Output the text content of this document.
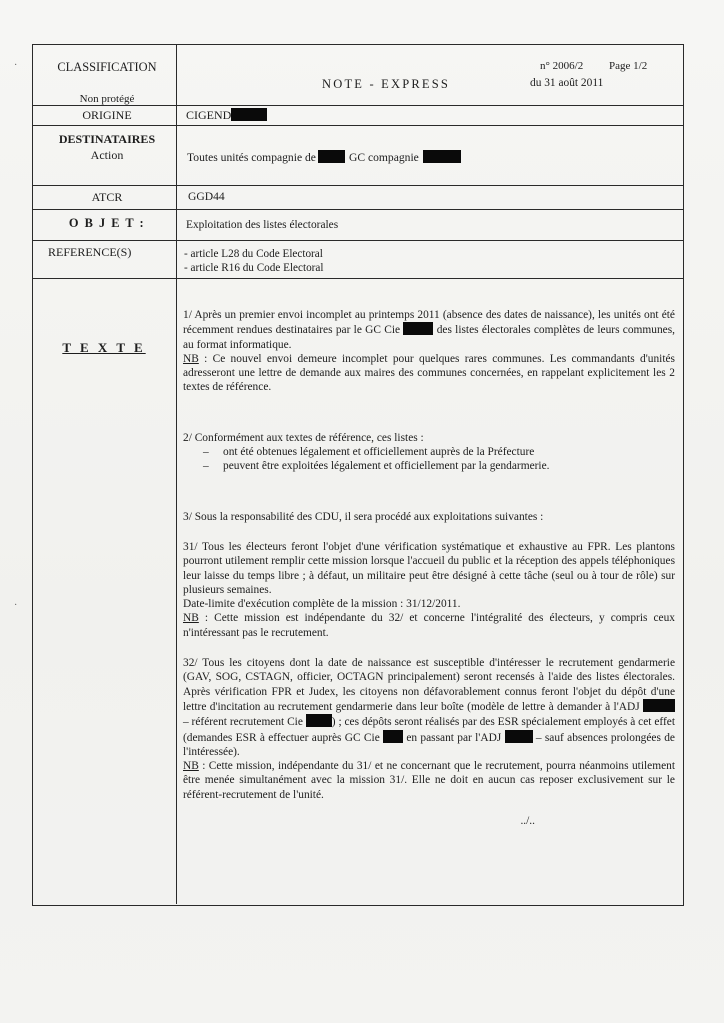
CLASSIFICATION
Non protégé
NOTE - EXPRESS
n° 2006/2 Page 1/2
du 31 août 2011
ORIGINE	CIGEND
DESTINATAIRES
Action	Toutes unités compagnie de	GC compagnie
ATCR	GGD44
O B J E T :	Exploitation des listes électorales
REFERENCE(S)	- article L28 du Code Electoral
- article R16 du Code Electoral
T E X T E

1/ Après un premier envoi incomplet au printemps 2011 (absence des dates de naissance), les unités ont été récemment rendues destinataires par le GC Cie	des listes électorales complètes de leurs communes, au format informatique.

NB : Ce nouvel envoi demeure incomplet pour quelques rares communes. Les commandants d'unités adresseront une lettre de demande aux maires des communes concernées, en rappelant explicitement les 2 textes de référence.

2/ Conformément aux textes de référence, ces listes :

– ont été obtenues légalement et officiellement auprès de la Préfecture
– peuvent être exploitées légalement et officiellement par la gendarmerie.

3/ Sous la responsabilité des CDU, il sera procédé aux exploitations suivantes :

31/ Tous les électeurs feront l'objet d'une vérification systématique et exhaustive au FPR. Les plantons pourront utilement remplir cette mission lorsque l'accueil du public et la réception des appels téléphoniques leur laisse du temps libre ; à défaut, un militaire peut être désigné à cette tâche (seul ou à tour de rôle) sur plusieurs semaines.

Date-limite d'exécution complète de la mission : 31/12/2011.

NB : Cette mission est indépendante du 32/ et concerne l'intégralité des électeurs, y compris ceux n'intéressant pas le recrutement.

32/ Tous les citoyens dont la date de naissance est susceptible d'intéresser le recrutement gendarmerie (GAV, SOG, CSTAGN, officier, OCTAGN principalement) seront recensés à l'aide des listes électorales. Après vérification FPR et Judex, les citoyens non défavorablement connus feront l'objet du dépôt d'une lettre d'incitation au recrutement gendarmerie dans leur boîte (modèle de lettre à demander à l'ADJ  – référent recrutement Cie	) ; ces dépôts seront réalisés par des ESR spécialement employés à cet effet (demandes ESR à effectuer auprès GC Cie en passant par l'ADJ	– sauf absences prolongées de l'intéressée).

NB : Cette mission, indépendante du 31/ et ne concernant que le recrutement, pourra néanmoins utilement être menée simultanément avec la mission 31/. Elle ne doit en aucun cas reposer exclusivement sur le référent-recrutement de l'unité.

../..

·
·
